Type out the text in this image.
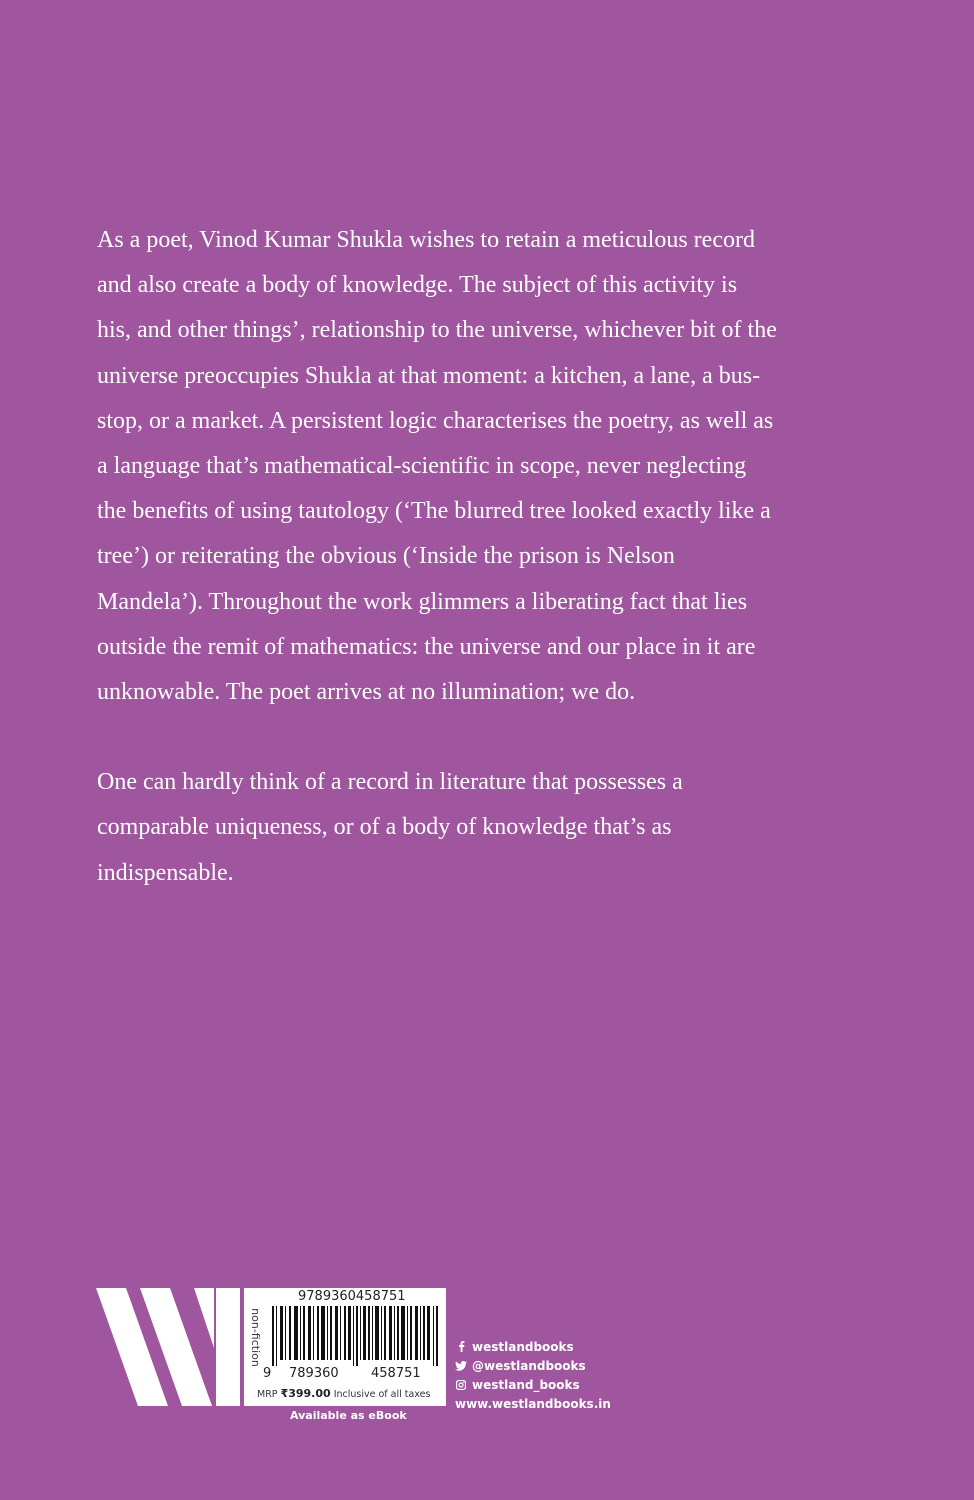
As a poet, Vinod Kumar Shukla wishes to retain a meticulous record and also create a body of knowledge. The subject of this activity is his, and other things’, relationship to the universe, whichever bit of the universe preoccupies Shukla at that moment: a kitchen, a lane, a bus-stop, or a market. A persistent logic characterises the poetry, as well as a language that’s mathematical-scientific in scope, never neglecting the benefits of using tautology (‘The blurred tree looked exactly like a tree’) or reiterating the obvious (‘Inside the prison is Nelson Mandela’). Throughout the work glimmers a liberating fact that lies outside the remit of mathematics: the universe and our place in it are unknowable. The poet arrives at no illumination; we do.

One can hardly think of a record in literature that possesses a comparable uniqueness, or of a body of knowledge that’s as indispensable.

non-fiction
9789360458751
9 789360 458751
MRP ₹399.00 Inclusive of all taxes
Available as eBook
westlandbooks
@westlandbooks
westland_books
www.westlandbooks.in
